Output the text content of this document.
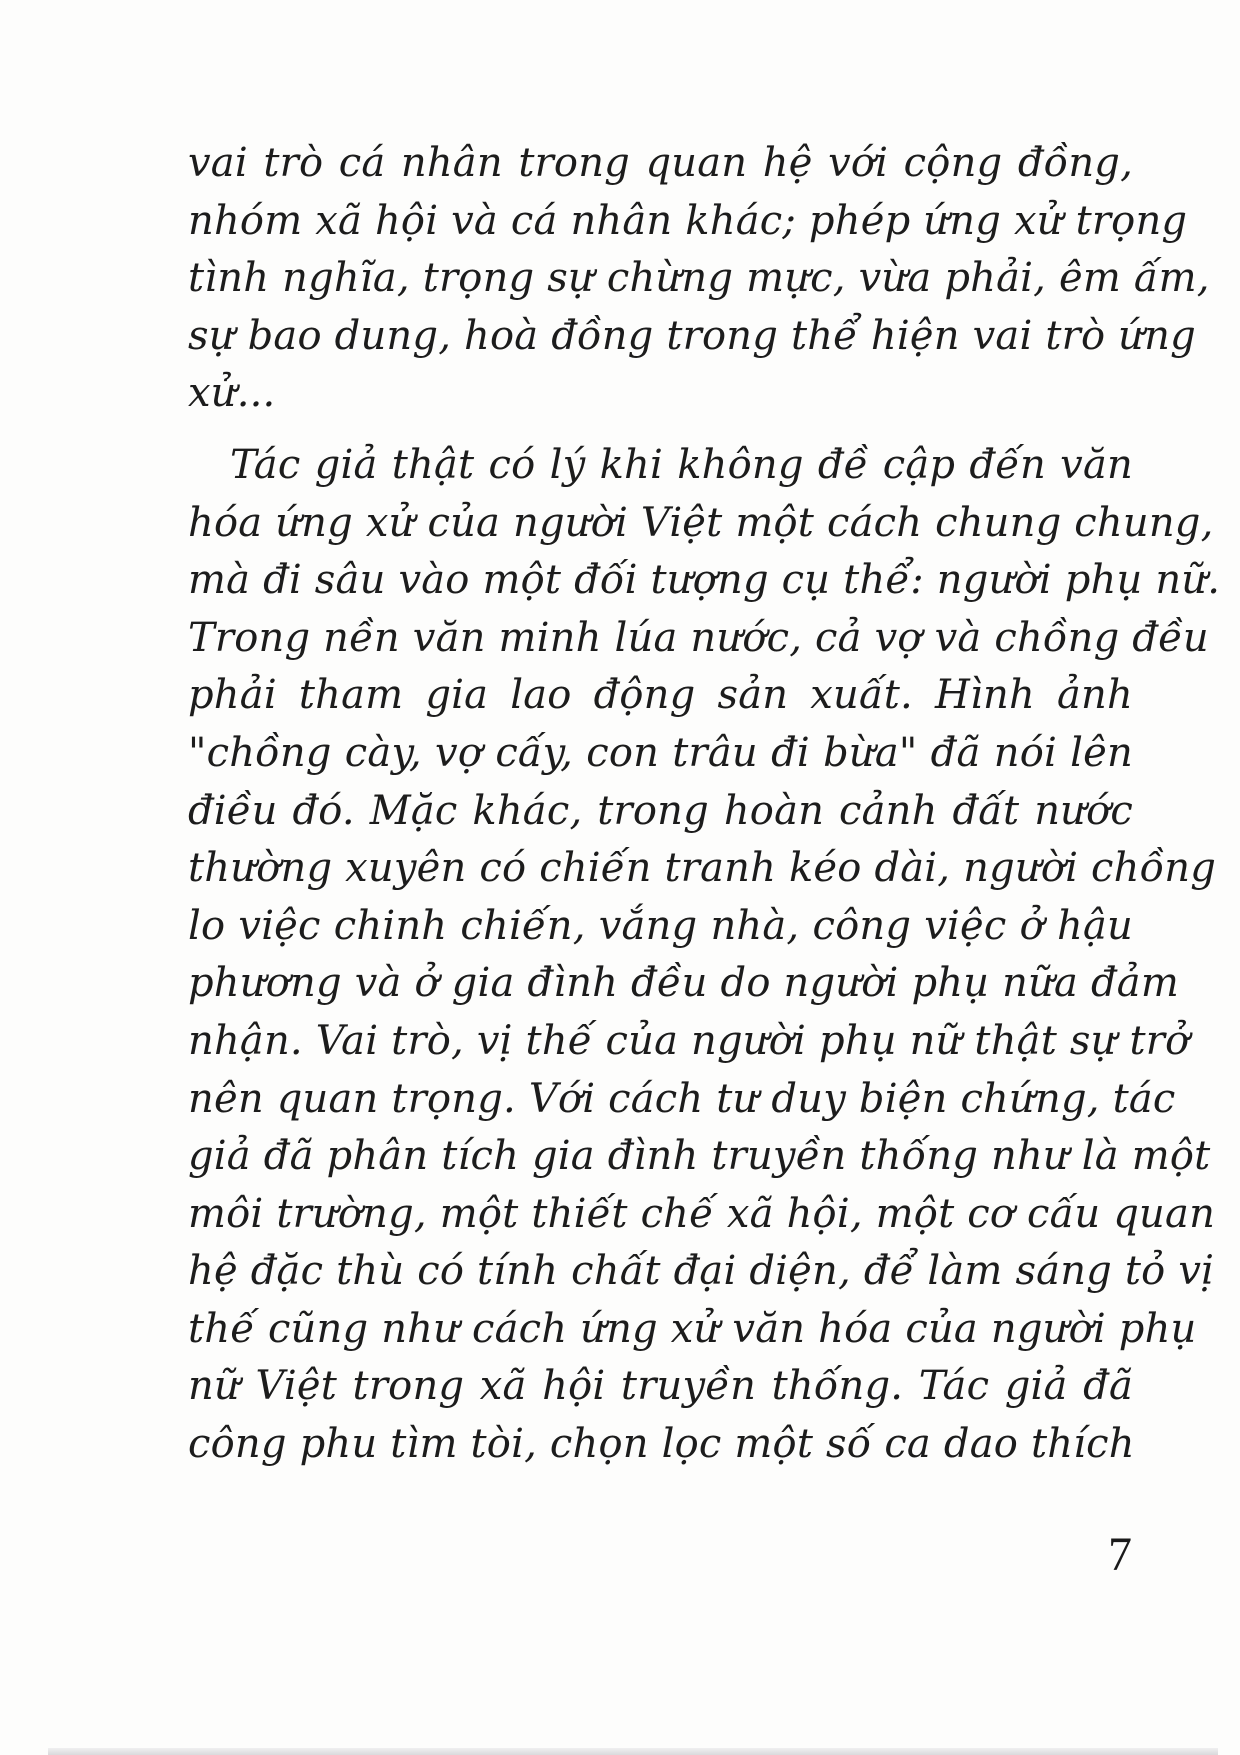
vai trò cá nhân trong quan hệ với cộng đồng,
nhóm xã hội và cá nhân khác; phép ứng xử trọng
tình nghĩa, trọng sự chừng mực, vừa phải, êm ấm,
sự bao dung, hoà đồng trong thể hiện vai trò ứng
xử...
Tác giả thật có lý khi không đề cập đến văn
hóa ứng xử của người Việt một cách chung chung,
mà đi sâu vào một đối tượng cụ thể: người phụ nữ.
Trong nền văn minh lúa nước, cả vợ và chồng đều
phải tham gia lao động sản xuất. Hình ảnh
"chồng cày, vợ cấy, con trâu đi bừa" đã nói lên
điều đó. Mặc khác, trong hoàn cảnh đất nước
thường xuyên có chiến tranh kéo dài, người chồng
lo việc chinh chiến, vắng nhà, công việc ở hậu
phương và ở gia đình đều do người phụ nữa đảm
nhận. Vai trò, vị thế của người phụ nữ thật sự trở
nên quan trọng. Với cách tư duy biện chứng, tác
giả đã phân tích gia đình truyền thống như là một
môi trường, một thiết chế xã hội, một cơ cấu quan
hệ đặc thù có tính chất đại diện, để làm sáng tỏ vị
thế cũng như cách ứng xử văn hóa của người phụ
nữ Việt trong xã hội truyền thống. Tác giả đã
công phu tìm tòi, chọn lọc một số ca dao thích
7
